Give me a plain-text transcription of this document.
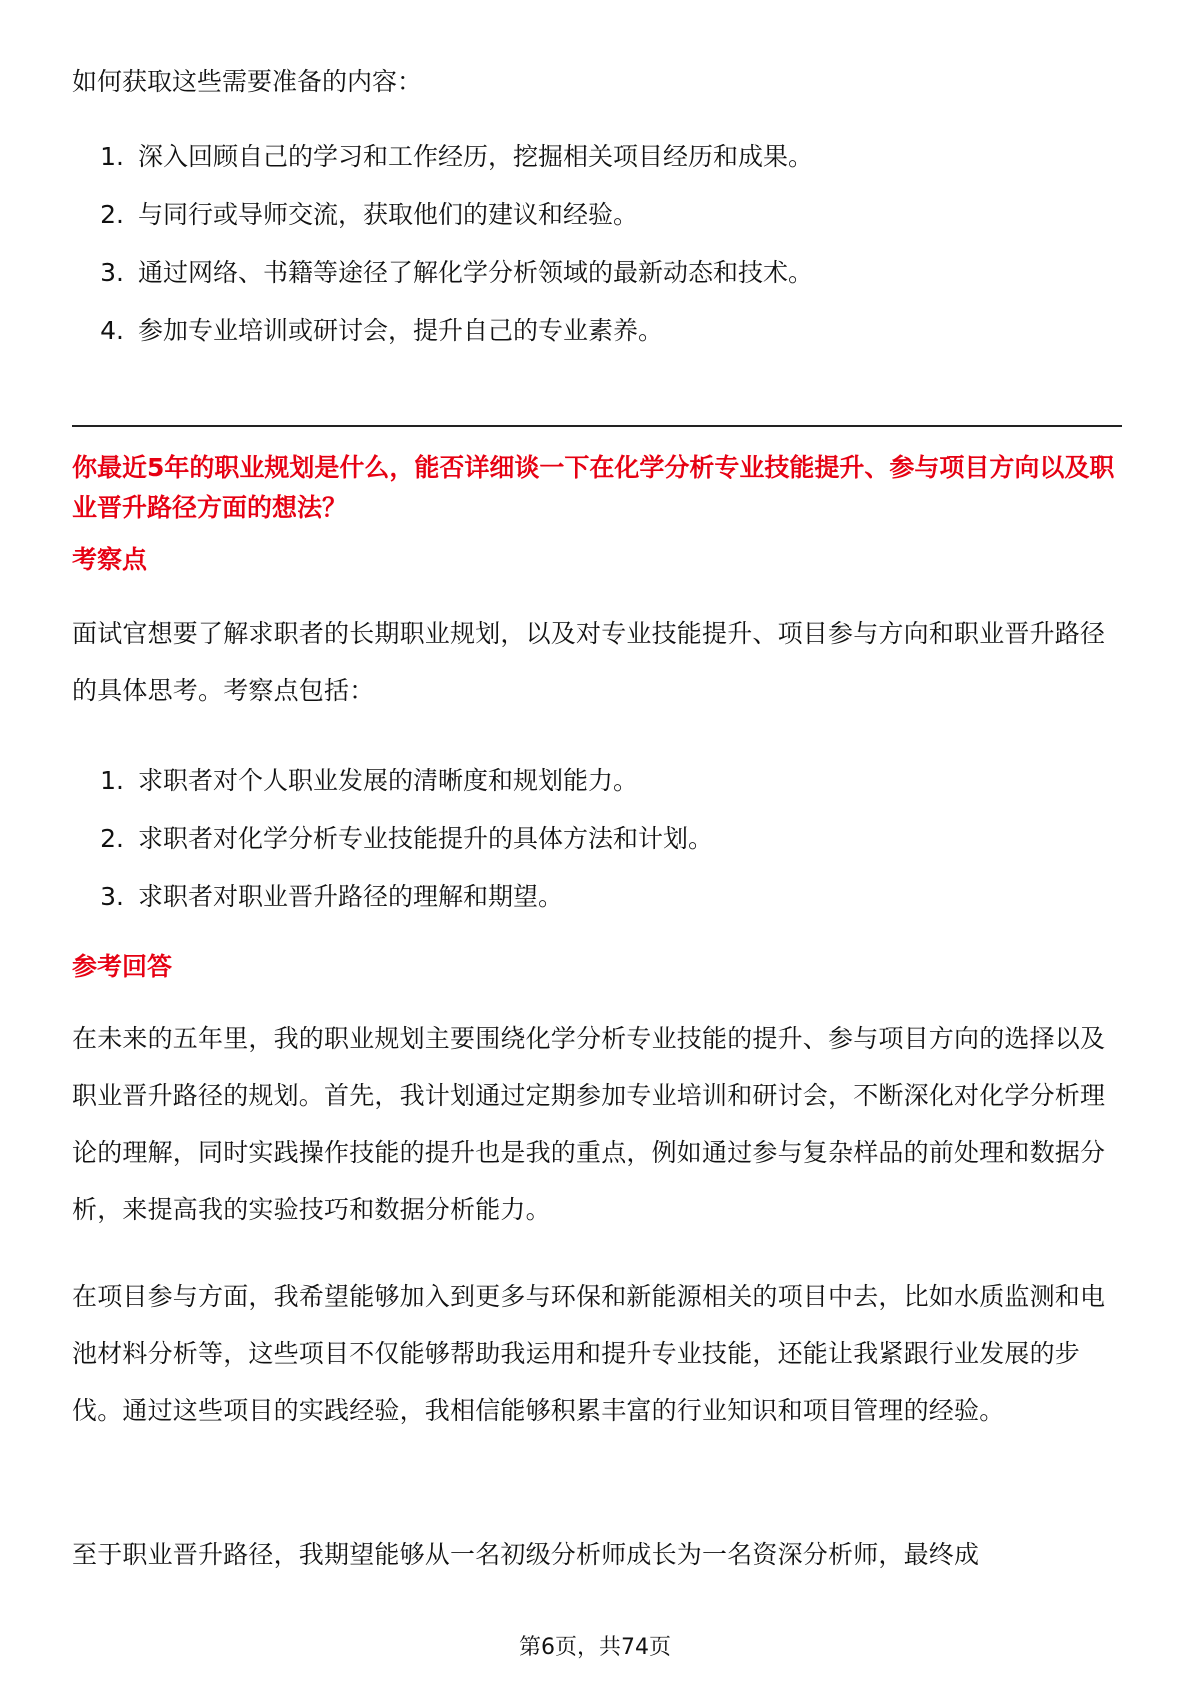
如何获取这些需要准备的内容：

1. 深入回顾自己的学习和工作经历，挖掘相关项目经历和成果。
2. 与同行或导师交流，获取他们的建议和经验。
3. 通过网络、书籍等途径了解化学分析领域的最新动态和技术。
4. 参加专业培训或研讨会，提升自己的专业素养。

你最近5年的职业规划是什么，能否详细谈一下在化学分析专业技能提升、参与项目方向以及职业晋升路径方面的想法？

考察点

面试官想要了解求职者的长期职业规划，以及对专业技能提升、项目参与方向和职业晋升路径的具体思考。考察点包括：

1. 求职者对个人职业发展的清晰度和规划能力。
2. 求职者对化学分析专业技能提升的具体方法和计划。
3. 求职者对职业晋升路径的理解和期望。

参考回答

在未来的五年里，我的职业规划主要围绕化学分析专业技能的提升、参与项目方向的选择以及职业晋升路径的规划。首先，我计划通过定期参加专业培训和研讨会，不断深化对化学分析理论的理解，同时实践操作技能的提升也是我的重点，例如通过参与复杂样品的前处理和数据分析，来提高我的实验技巧和数据分析能力。

在项目参与方面，我希望能够加入到更多与环保和新能源相关的项目中去，比如水质监测和电池材料分析等，这些项目不仅能够帮助我运用和提升专业技能，还能让我紧跟行业发展的步伐。通过这些项目的实践经验，我相信能够积累丰富的行业知识和项目管理的经验。

至于职业晋升路径，我期望能够从一名初级分析师成长为一名资深分析师，最终成

第6页，共74页
